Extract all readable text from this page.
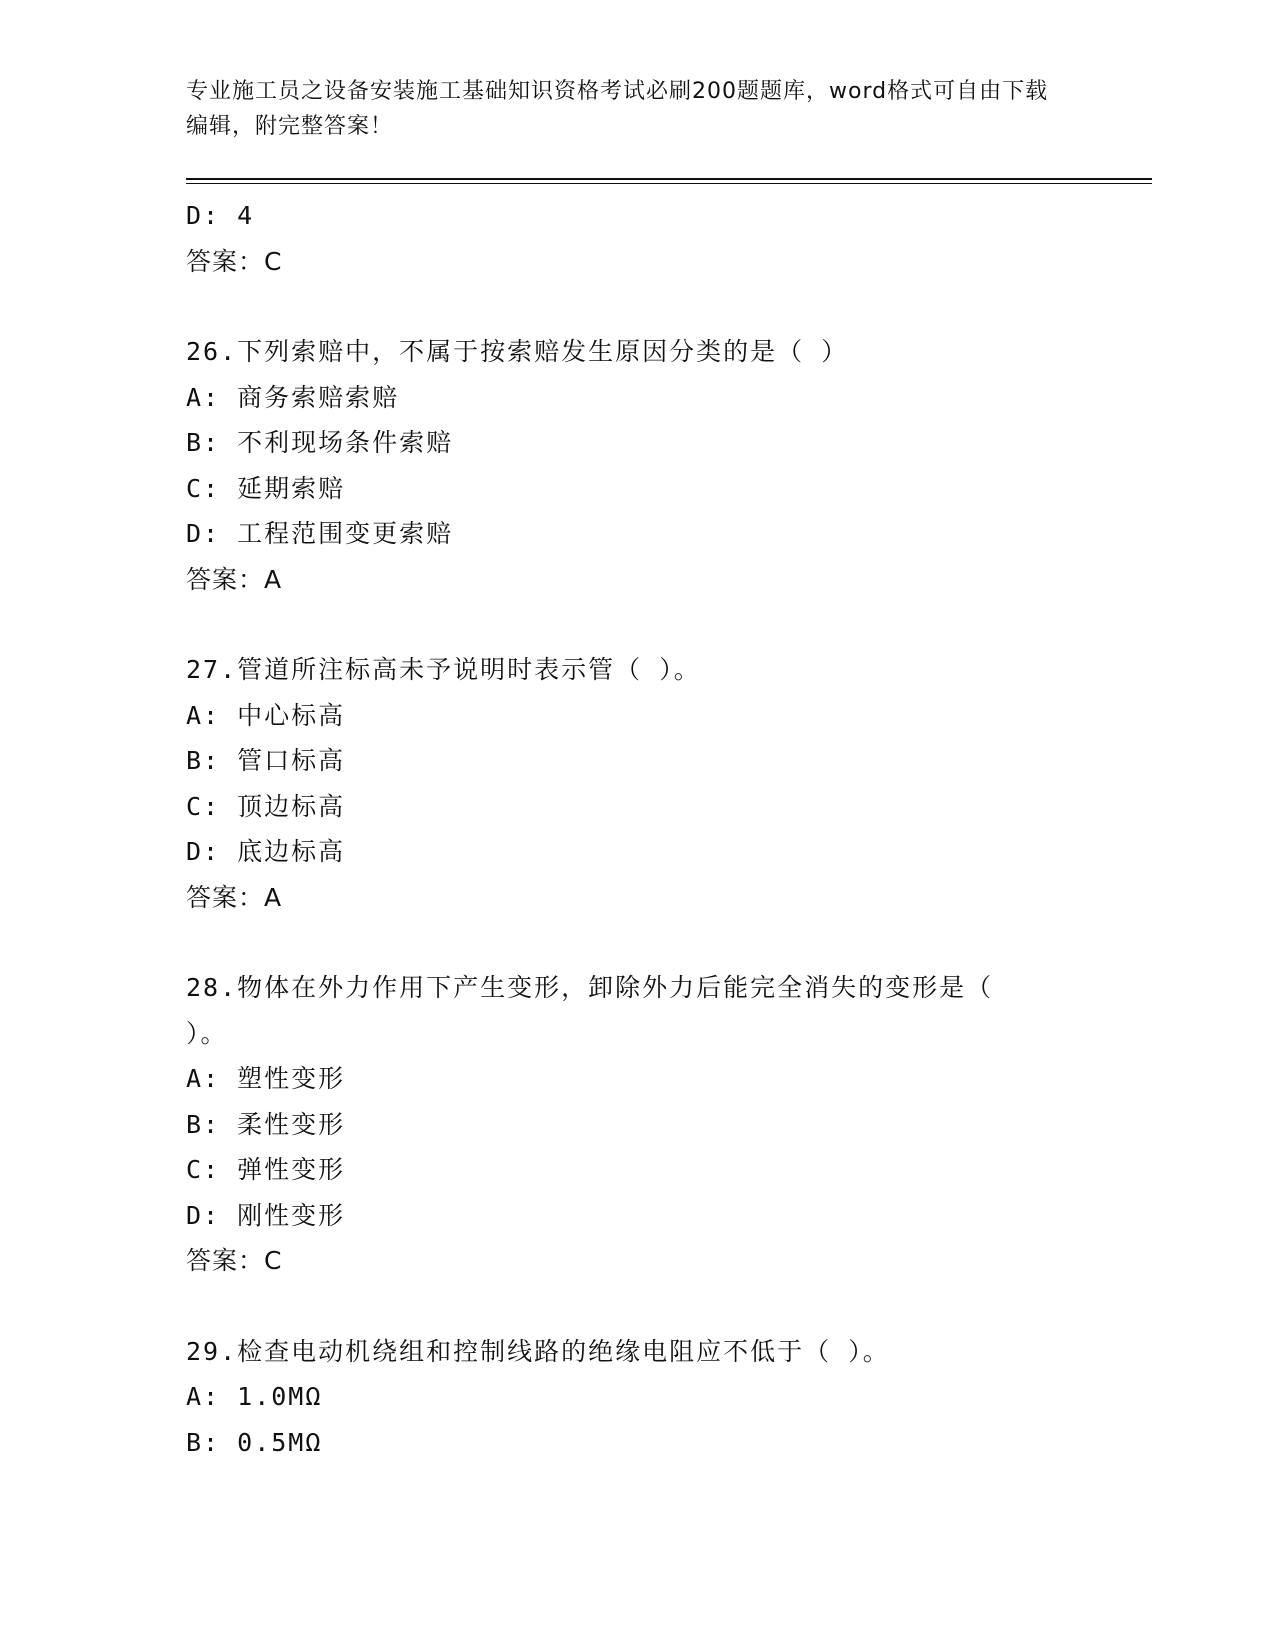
专业施工员之设备安装施工基础知识资格考试必刷200题题库，word格式可自由下载编辑，附完整答案！
D: 4
答案：C
26.下列索赔中，不属于按索赔发生原因分类的是（ ）
A: 商务索赔索赔
B: 不利现场条件索赔
C: 延期索赔
D: 工程范围变更索赔
答案：A
27.管道所注标高未予说明时表示管（ ）。
A: 中心标高
B: 管口标高
C: 顶边标高
D: 底边标高
答案：A
28.物体在外力作用下产生变形，卸除外力后能完全消失的变形是（ ）。
A: 塑性变形
B: 柔性变形
C: 弹性变形
D: 刚性变形
答案：C
29.检查电动机绕组和控制线路的绝缘电阻应不低于（ ）。
A: 1.0MΩ
B: 0.5MΩ
